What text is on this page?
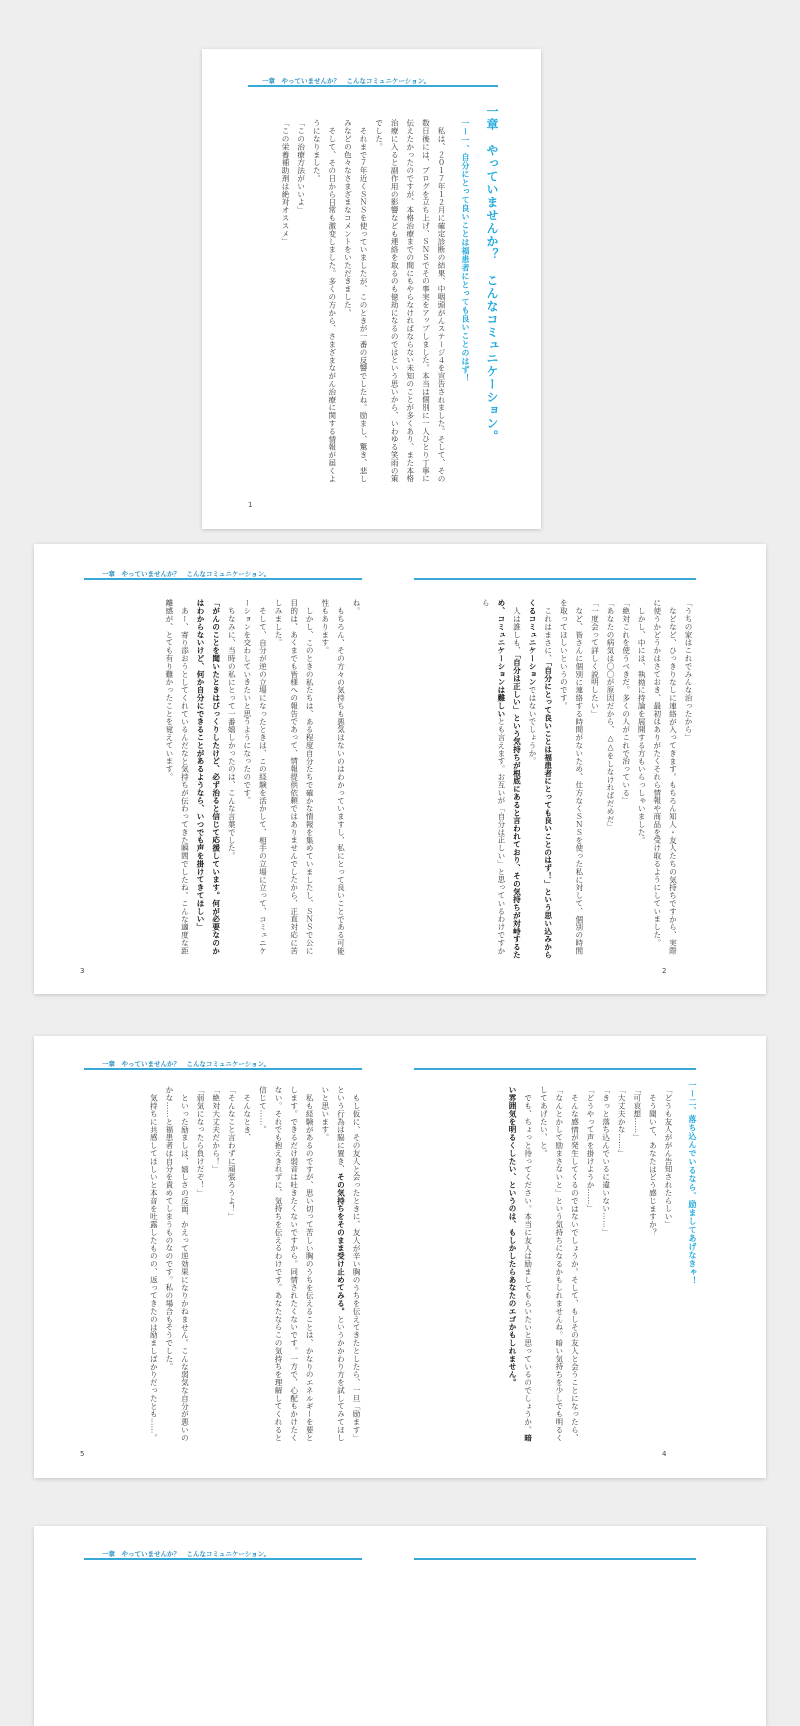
一章　やっていませんか？　こんなコミュニケーション。
一章　やっていませんか？　こんなコミュニケーション。
一ー一、自分にとって良いことは福患者にとっても良いことのはず！

私は、２０１７年１２月に確定診断の結果、中咽頭がんステージ４を宣告されました。そして、その数日後には、ブログを立ち上げ、ＳＮＳでその事実をアップしました。本当は個別に一人ひとり丁寧に伝えたかったのですが、本格治療までの間にもやらなければならない未知のことが多くあり、また本格治療に入ると副作用の影響なども連絡を取るのも億劫になるのではという思いから、いわゆる笑雨の策でした。

それまで７年近くＳＮＳを使っていましたが、このときが一番の反響でしたね。励まし、驚き、悲しみなどの色々なさまざまなコメントをいただきました。

そして、その日から日常も激変しました。多くの方から、さまざまながん治療に関する情報が届くようになりました。

「この治療方法がいいよ」

「この栄養補助剤は絶対オススメ」

1
一章　やっていませんか？　こんなコミュニケーション。

「うちの家はこれでみんな治ったから」

などなど、ひっきりなしに連絡が入ってきます。もちろん知人・友人たちの気持ちですから、実際に使うかどうかはさておき、最初はありがたくそれら情報や商品を受け取るようにしていました。

しかし、中には、執拗に持論を展開する方もいらっしゃいました。

「絶対これを使うべきだ。多くの人がこれで治っている」

「あなたの病気は〇〇が原因だから、△△をしなければだめだ」

「一度会って詳しく説明したい」

など、皆さんに個別に連絡する時間がないため、仕方なくＳＮＳを使った私に対して、個別の時間を取ってほしいというのです。

これはまさに、「自分にとって良いことは福患者にとっても良いことのはず！」という思い込みからくるコミュニケーションではないでしょうか。

人は誰しも、「自分は正しい」という気持ちが根底にあると言われており、その気持ちが対峙するため、コミュニケーションは難しいとも言えます。お互いが「自分は正しい」と思っているわけですから

2

ね。

もちろん、その方々の気持ちも悪気はないのはわかっていますし、私にとって良いことである可能性もあります。

しかし、このときの私たちは、ある程度自分たちで確かな情報を集めていましたし、ＳＮＳで公に目的は、あくまでも皆様への報告であって、情報提供依頼ではありませんでしたから、正直対応に苦しみました。

そして、自分が逆の立場になったときは、この経験を活かして、相手の立場に立って、コミュニケーションを交わしていきたいと思うようになったのです。

ちなみに、当時の私にとって一番嬉しかったのは、こんな言葉でした。

「がんのことを聞いたときはびっくりしたけど、必ず治ると信じて応援しています。何が必要なのかはわからないけど、何か自分にできることがあるようなら、いつでも声を掛けてきてほしい」

あー、寄り添おうとしてくれているんだなと気持ちが伝わってきた瞬間でしたね。こんな適度な距離感が、とても有り難かったことを覚えています。

3
一章　やっていませんか？　こんなコミュニケーション。
一ー二、落ち込んでいるなら、励ましてあげなきゃ！

「どうも友人ががん告知されたらしい」

そう聞いて、あなたはどう感じますか？

「可哀想……」

「大丈夫かな……」

「きっと落ち込んでいるに違いない……」

「どうやって声を掛けようか……」

そんな感情が発生してくるのではないでしょうか。そして、もしその友人と会うことになったら、「なんとかして励まさないと」という気持ちになるかもしれませんね。暗い気持ちを少しでも明るくしてあげたい、と。

でも、ちょっと待ってください。本当に友人は励ましてもらいたいと思っているのでしょうか。暗い雰囲気を明るくしたい、というのは、もしかしたらあなたのエゴかもしれません。

4

もし仮に、その友人と会ったときに、友人が辛い胸のうちを伝えてきたとしたら、一旦「励ます」という行為は脇に置き、その気持ちをそのまま受け止めてみる。というかかわり方を試してみてほしいと思います。

私も経験があるのですが、思い切って苦しい胸のうちを伝えることは、かなりのエネルギーを要とします。できるだけ弱音は吐きたくないですから。同情されたくないです。一方で、心配もかけたくない。それでも抱えきれずに、気持ちを伝えるわけです。あなたならこの気持ちを理解してくれると信じて……。

そんなとき、

「そんなこと言わずに頑張ろうよ！」

「絶対大丈夫だから！」

「弱気になったら負けだぞ！」

といった励ましは、嬉しさの反面、かえって逆効果になりかねません。こんな弱気な自分が悪いのかな……と福患者は自分を責めてしまうものなのです。私の場合もそうでした。

気持ちに共感してほしいと本音を吐露したものの、返ってきたのは励ましばかりだったとも……。

5
一章　やっていませんか？　こんなコミュニケーション。
